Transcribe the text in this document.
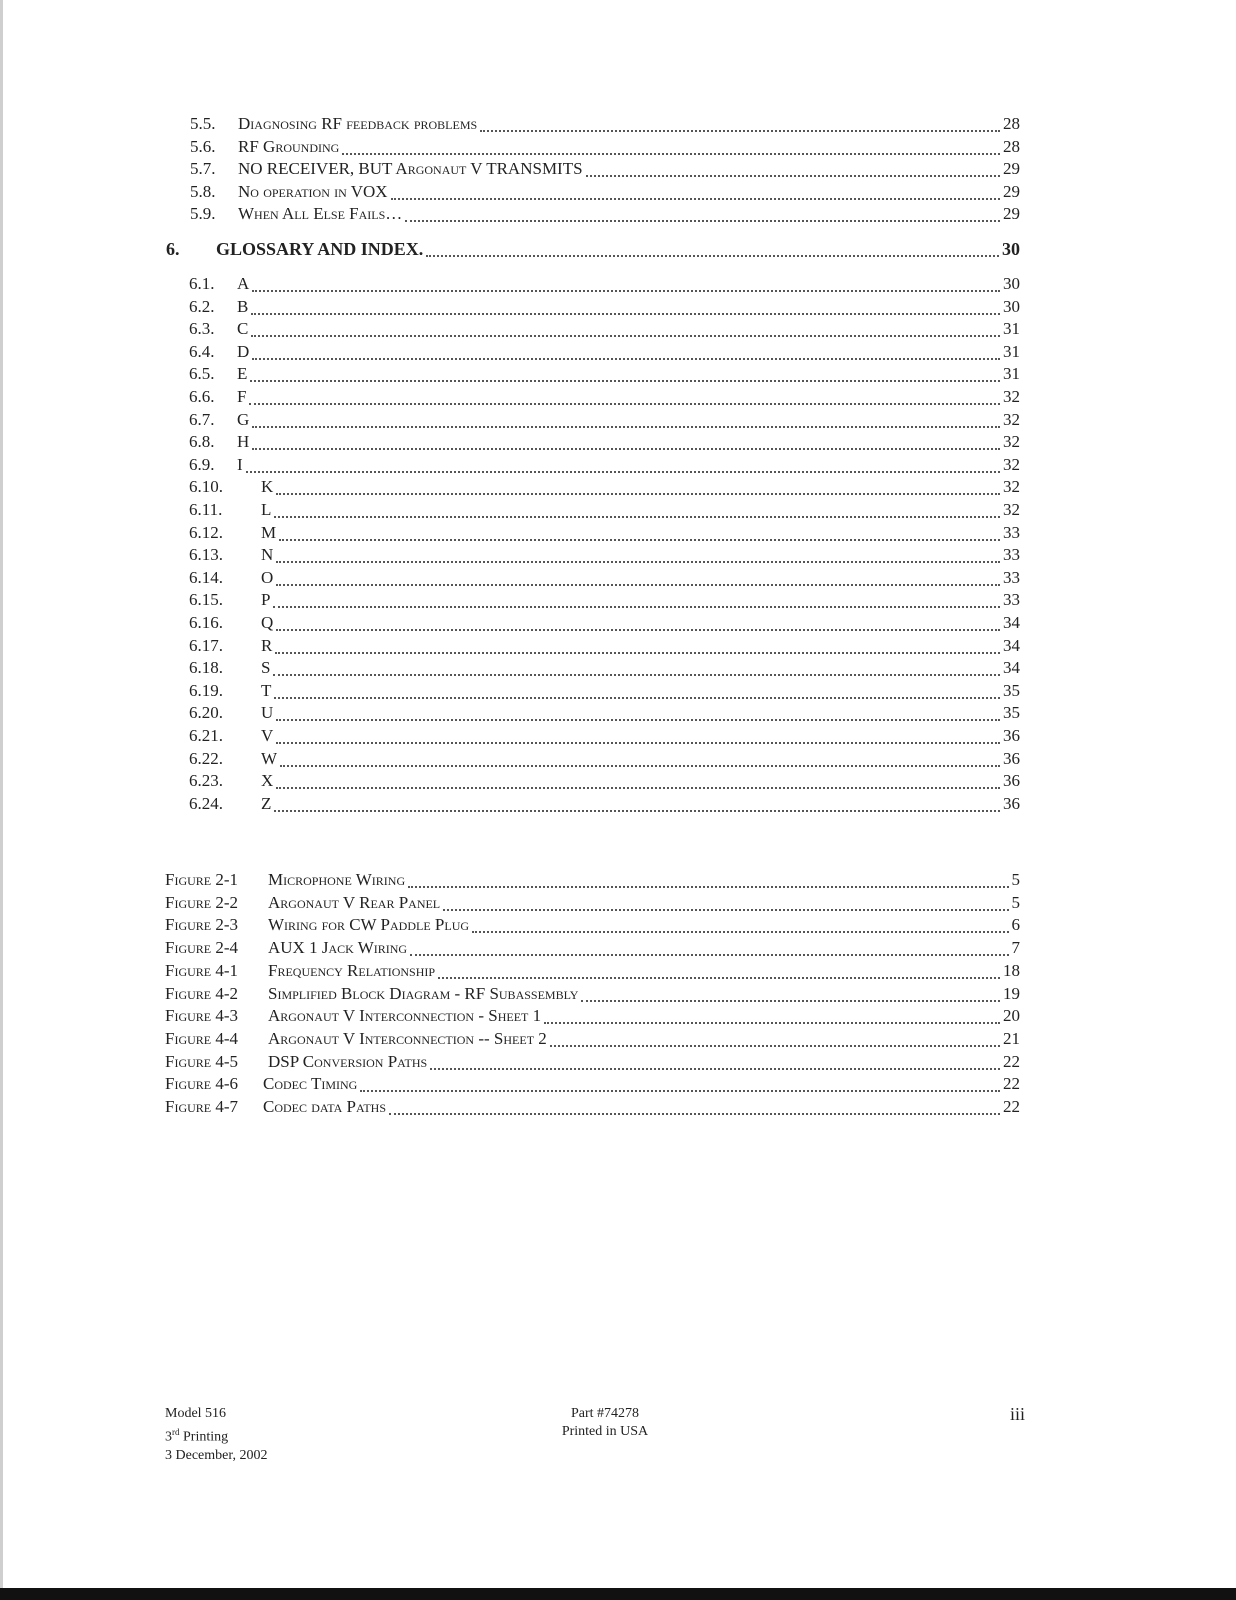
5.5.	Diagnosing RF feedback problems	28
5.6.	RF Grounding	28
5.7.	NO RECEIVER, BUT Argonaut V TRANSMITS	29
5.8.	No operation in VOX	29
5.9.	When All Else Fails…	29
6.	GLOSSARY AND INDEX.	30
6.1.	A	30
6.2.	B	30
6.3.	C	31
6.4.	D	31
6.5.	E	31
6.6.	F	32
6.7.	G	32
6.8.	H	32
6.9.	I	32
6.10.	K	32
6.11.	L	32
6.12.	M	33
6.13.	N	33
6.14.	O	33
6.15.	P	33
6.16.	Q	34
6.17.	R	34
6.18.	S	34
6.19.	T	35
6.20.	U	35
6.21.	V	36
6.22.	W	36
6.23.	X	36
6.24.	Z	36
Figure 2-1	Microphone Wiring	5
Figure 2-2	Argonaut V Rear Panel	5
Figure 2-3	Wiring for CW Paddle Plug	6
Figure 2-4	AUX 1 Jack Wiring	7
Figure 4-1	Frequency Relationship	18
Figure 4-2	Simplified Block Diagram - RF Subassembly	19
Figure 4-3	Argonaut V Interconnection - Sheet 1	20
Figure 4-4	Argonaut V Interconnection -- Sheet 2	21
Figure 4-5	DSP Conversion Paths	22
Figure 4-6	Codec Timing	22
Figure 4-7	Codec data Paths	22
Model 516
3rd Printing
3 December, 2002
Part #74278
Printed in USA
iii
